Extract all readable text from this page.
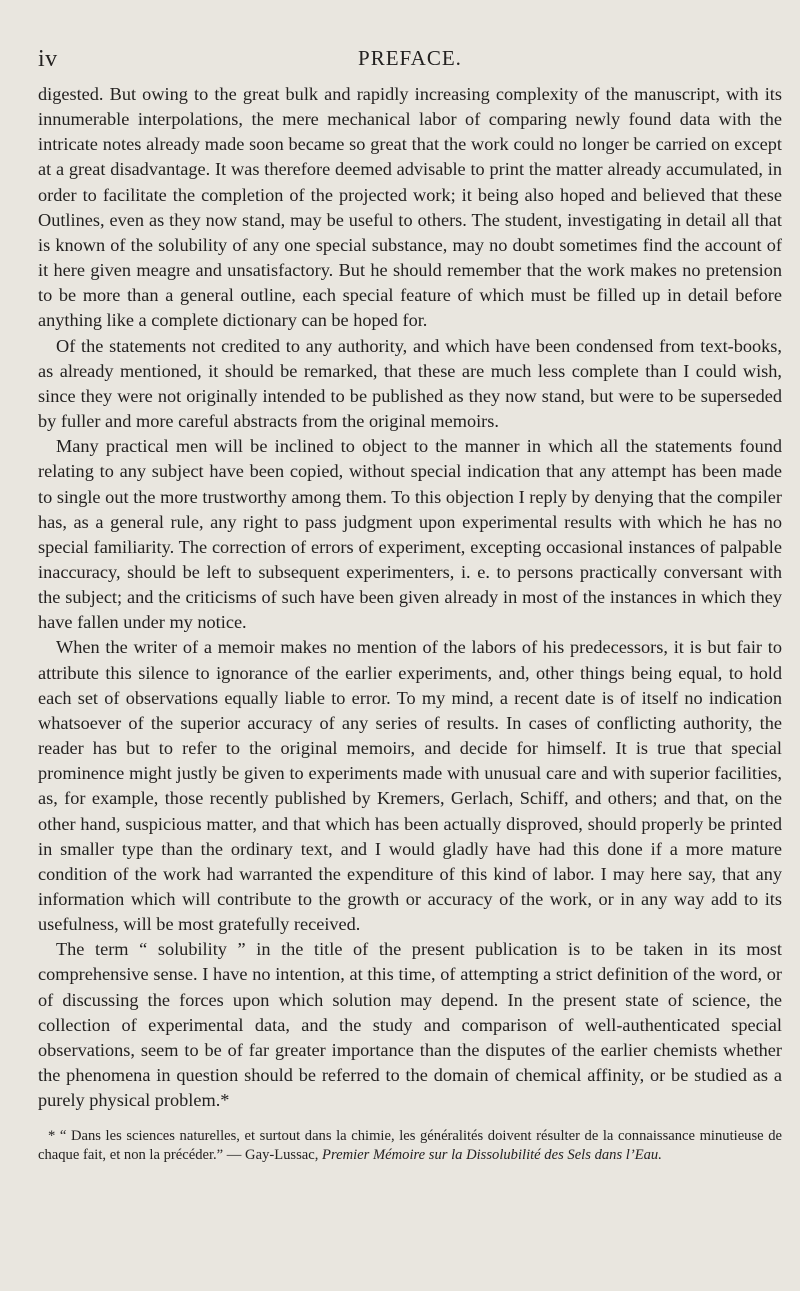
iv	PREFACE.

digested. But owing to the great bulk and rapidly increasing complexity of the manuscript, with its innumerable interpolations, the mere mechanical labor of comparing newly found data with the intricate notes already made soon became so great that the work could no longer be carried on except at a great disadvantage. It was therefore deemed advisable to print the matter already accumulated, in order to facilitate the completion of the projected work; it being also hoped and believed that these Outlines, even as they now stand, may be useful to others. The student, investigating in detail all that is known of the solubility of any one special substance, may no doubt sometimes find the account of it here given meagre and unsatisfactory. But he should remember that the work makes no pretension to be more than a general outline, each special feature of which must be filled up in detail before anything like a complete dictionary can be hoped for.

Of the statements not credited to any authority, and which have been condensed from text-books, as already mentioned, it should be remarked, that these are much less complete than I could wish, since they were not originally intended to be published as they now stand, but were to be superseded by fuller and more careful abstracts from the original memoirs.

Many practical men will be inclined to object to the manner in which all the statements found relating to any subject have been copied, without special indication that any attempt has been made to single out the more trustworthy among them. To this objection I reply by denying that the compiler has, as a general rule, any right to pass judgment upon experimental results with which he has no special familiarity. The correction of errors of experiment, excepting occasional instances of palpable inaccuracy, should be left to subsequent experimenters, i. e. to persons practically conversant with the subject; and the criticisms of such have been given already in most of the instances in which they have fallen under my notice.

When the writer of a memoir makes no mention of the labors of his predecessors, it is but fair to attribute this silence to ignorance of the earlier experiments, and, other things being equal, to hold each set of observations equally liable to error. To my mind, a recent date is of itself no indication whatsoever of the superior accuracy of any series of results. In cases of conflicting authority, the reader has but to refer to the original memoirs, and decide for himself. It is true that special prominence might justly be given to experiments made with unusual care and with superior facilities, as, for example, those recently published by Kremers, Gerlach, Schiff, and others; and that, on the other hand, suspicious matter, and that which has been actually disproved, should properly be printed in smaller type than the ordinary text, and I would gladly have had this done if a more mature condition of the work had warranted the expenditure of this kind of labor. I may here say, that any information which will contribute to the growth or accuracy of the work, or in any way add to its usefulness, will be most gratefully received.

The term “ solubility ” in the title of the present publication is to be taken in its most comprehensive sense. I have no intention, at this time, of attempting a strict definition of the word, or of discussing the forces upon which solution may depend. In the present state of science, the collection of experimental data, and the study and comparison of well-authenticated special observations, seem to be of far greater importance than the disputes of the earlier chemists whether the phenomena in question should be referred to the domain of chemical affinity, or be studied as a purely physical problem.*

* “ Dans les sciences naturelles, et surtout dans la chimie, les généralités doivent résulter de la connaissance minutieuse de chaque fait, et non la précéder.” — Gay-Lussac, Premier Mémoire sur la Dissolubilité des Sels dans l’Eau.
